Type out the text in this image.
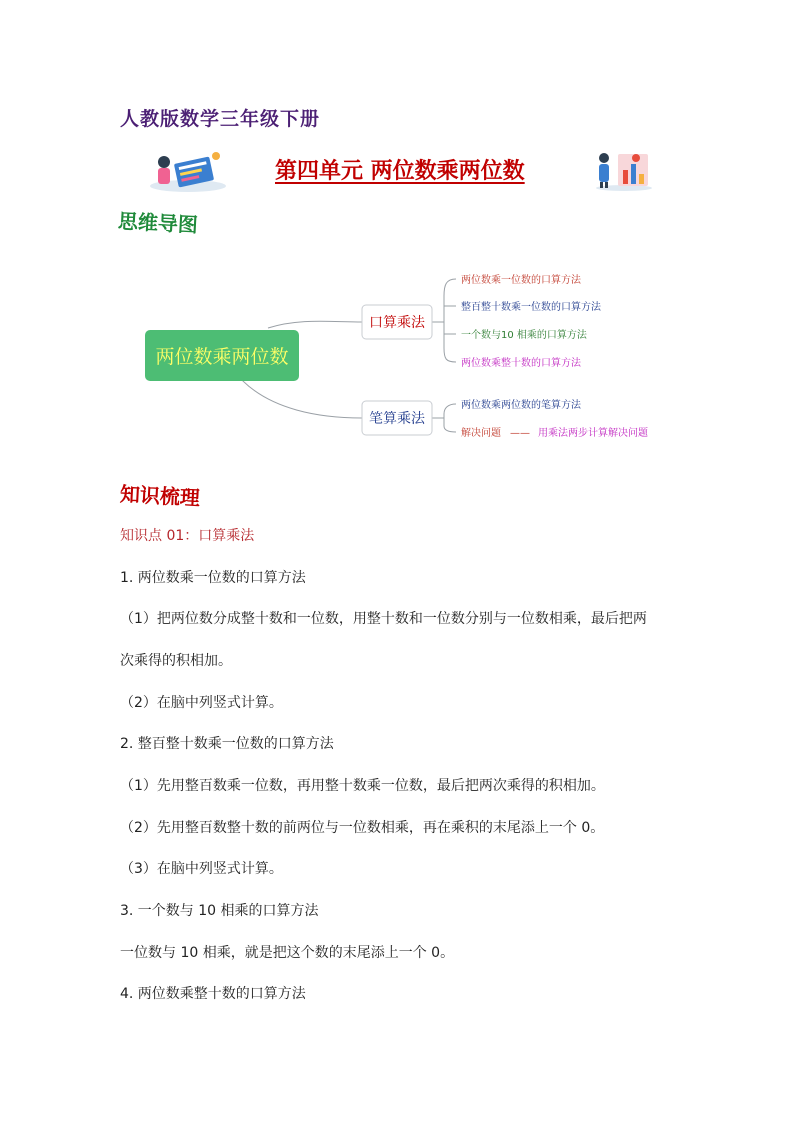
人教版数学三年级下册
第四单元 两位数乘两位数
思维导图
两位数乘两位数
口算乘法
笔算乘法
两位数乘一位数的口算方法
整百整十数乘一位数的口算方法
一个数与10 相乘的口算方法
两位数乘整十数的口算方法
两位数乘两位数的笔算方法
解决问题 —— 用乘法两步计算解决问题
知识梳理
知识点 01：口算乘法
1. 两位数乘一位数的口算方法
（1）把两位数分成整十数和一位数，用整十数和一位数分别与一位数相乘，最后把两
次乘得的积相加。
（2）在脑中列竖式计算。
2. 整百整十数乘一位数的口算方法
（1）先用整百数乘一位数，再用整十数乘一位数，最后把两次乘得的积相加。
（2）先用整百数整十数的前两位与一位数相乘，再在乘积的末尾添上一个 0。
（3）在脑中列竖式计算。
3. 一个数与 10 相乘的口算方法
一位数与 10 相乘，就是把这个数的末尾添上一个 0。
4. 两位数乘整十数的口算方法
